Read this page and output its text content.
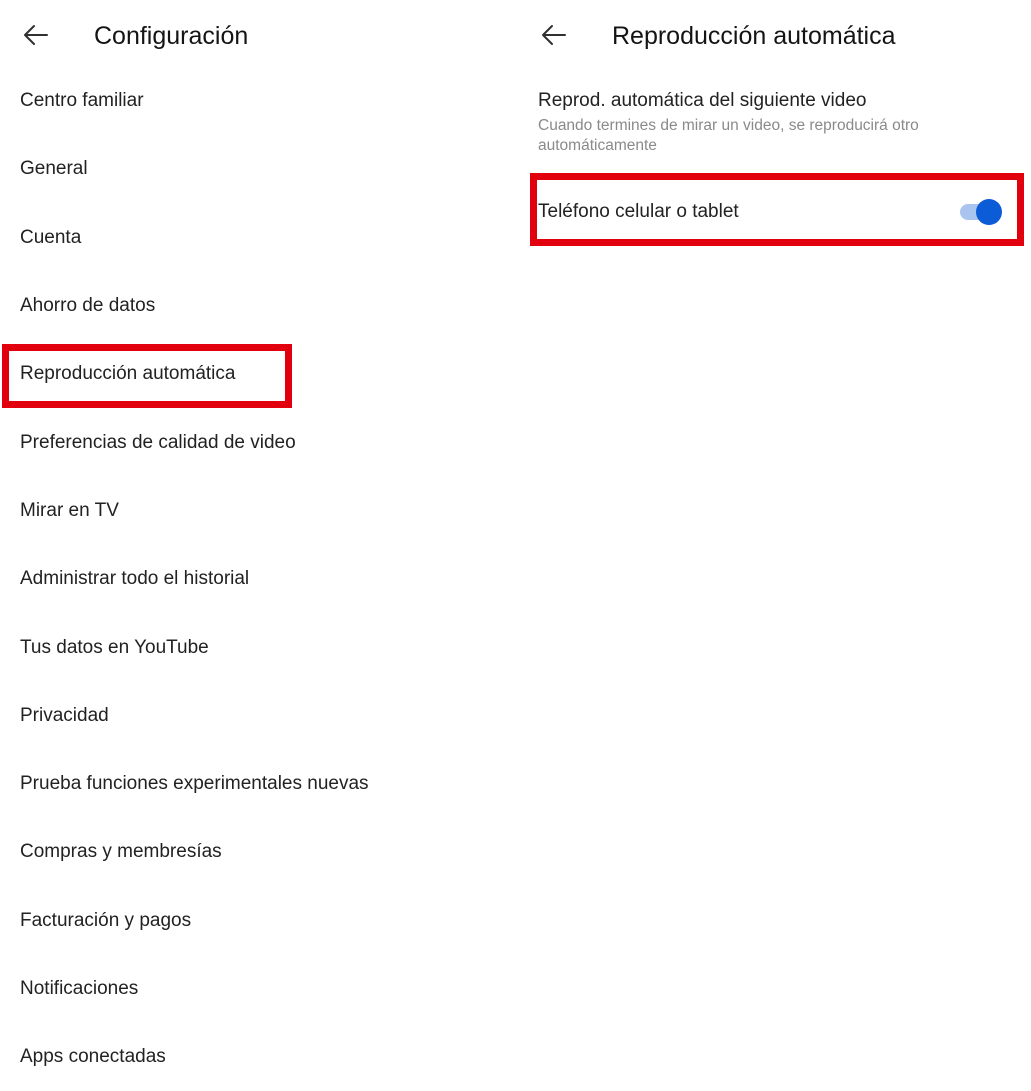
Configuración
Centro familiar
General
Cuenta
Ahorro de datos
Reproducción automática
Preferencias de calidad de video
Mirar en TV
Administrar todo el historial
Tus datos en YouTube
Privacidad
Prueba funciones experimentales nuevas
Compras y membresías
Facturación y pagos
Notificaciones
Apps conectadas
Reproducción automática
Reprod. automática del siguiente video
Cuando termines de mirar un video, se reproducirá otro automáticamente
Teléfono celular o tablet
